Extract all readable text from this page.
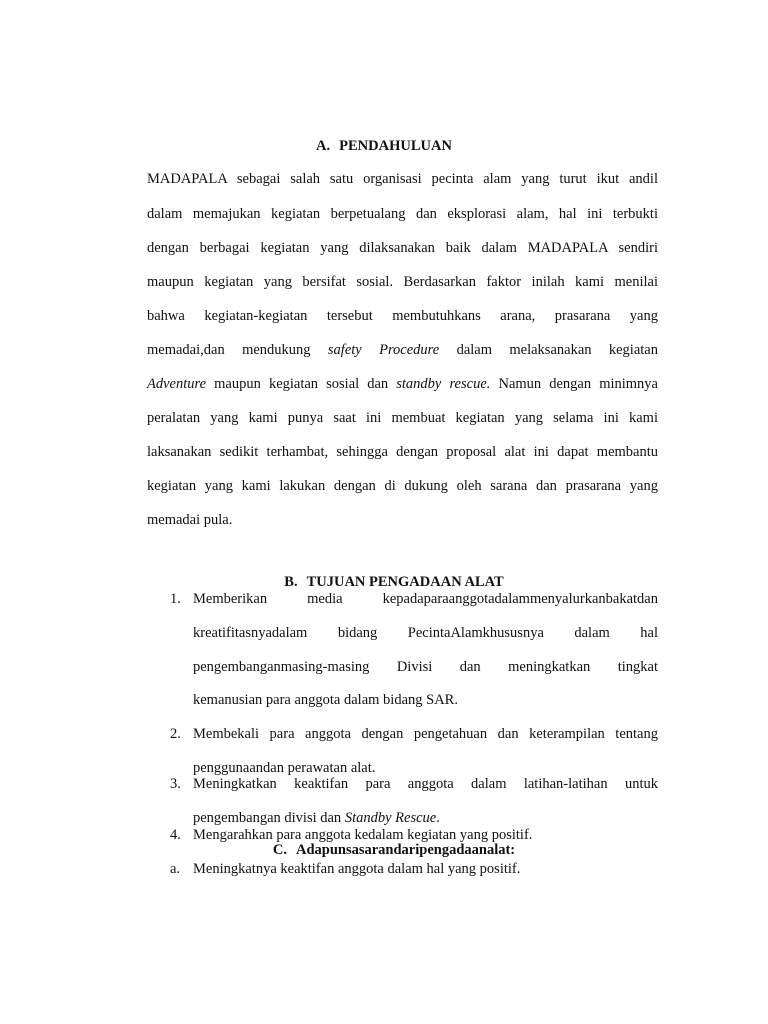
A. PENDAHULUAN
MADAPALA sebagai salah satu organisasi pecinta alam yang turut ikut andil
dalam memajukan kegiatan berpetualang dan eksplorasi alam, hal ini terbukti
dengan berbagai kegiatan yang dilaksanakan baik dalam MADAPALA sendiri
maupun kegiatan yang bersifat sosial. Berdasarkan faktor inilah kami menilai
bahwa kegiatan-kegiatan tersebut membutuhkans arana, prasarana yang
memadai,dan mendukung safety Procedure dalam melaksanakan kegiatan
Adventure maupun kegiatan sosial dan standby rescue. Namun dengan minimnya
peralatan yang kami punya saat ini membuat kegiatan yang selama ini kami
laksanakan sedikit terhambat, sehingga dengan proposal alat ini dapat membantu
kegiatan yang kami lakukan dengan di dukung oleh sarana dan prasarana yang
memadai pula.
B. TUJUAN PENGADAAN ALAT
1. Memberikan media kepadaparaanggotadalammenyalurkanbakatdan
kreatifitasnyadalam bidang PecintaAlamkhususnya dalam hal
pengembanganmasing-masing Divisi dan meningkatkan tingkat
kemanusian para anggota dalam bidang SAR.
2. Membekali para anggota dengan pengetahuan dan keterampilan tentang
penggunaandan perawatan alat.
3. Meningkatkan keaktifan para anggota dalam latihan-latihan untuk
pengembangan divisi dan Standby Rescue.
4. Mengarahkan para anggota kedalam kegiatan yang positif.
C. Adapunsasarandaripengadaanalat:
a. Meningkatnya keaktifan anggota dalam hal yang positif.
